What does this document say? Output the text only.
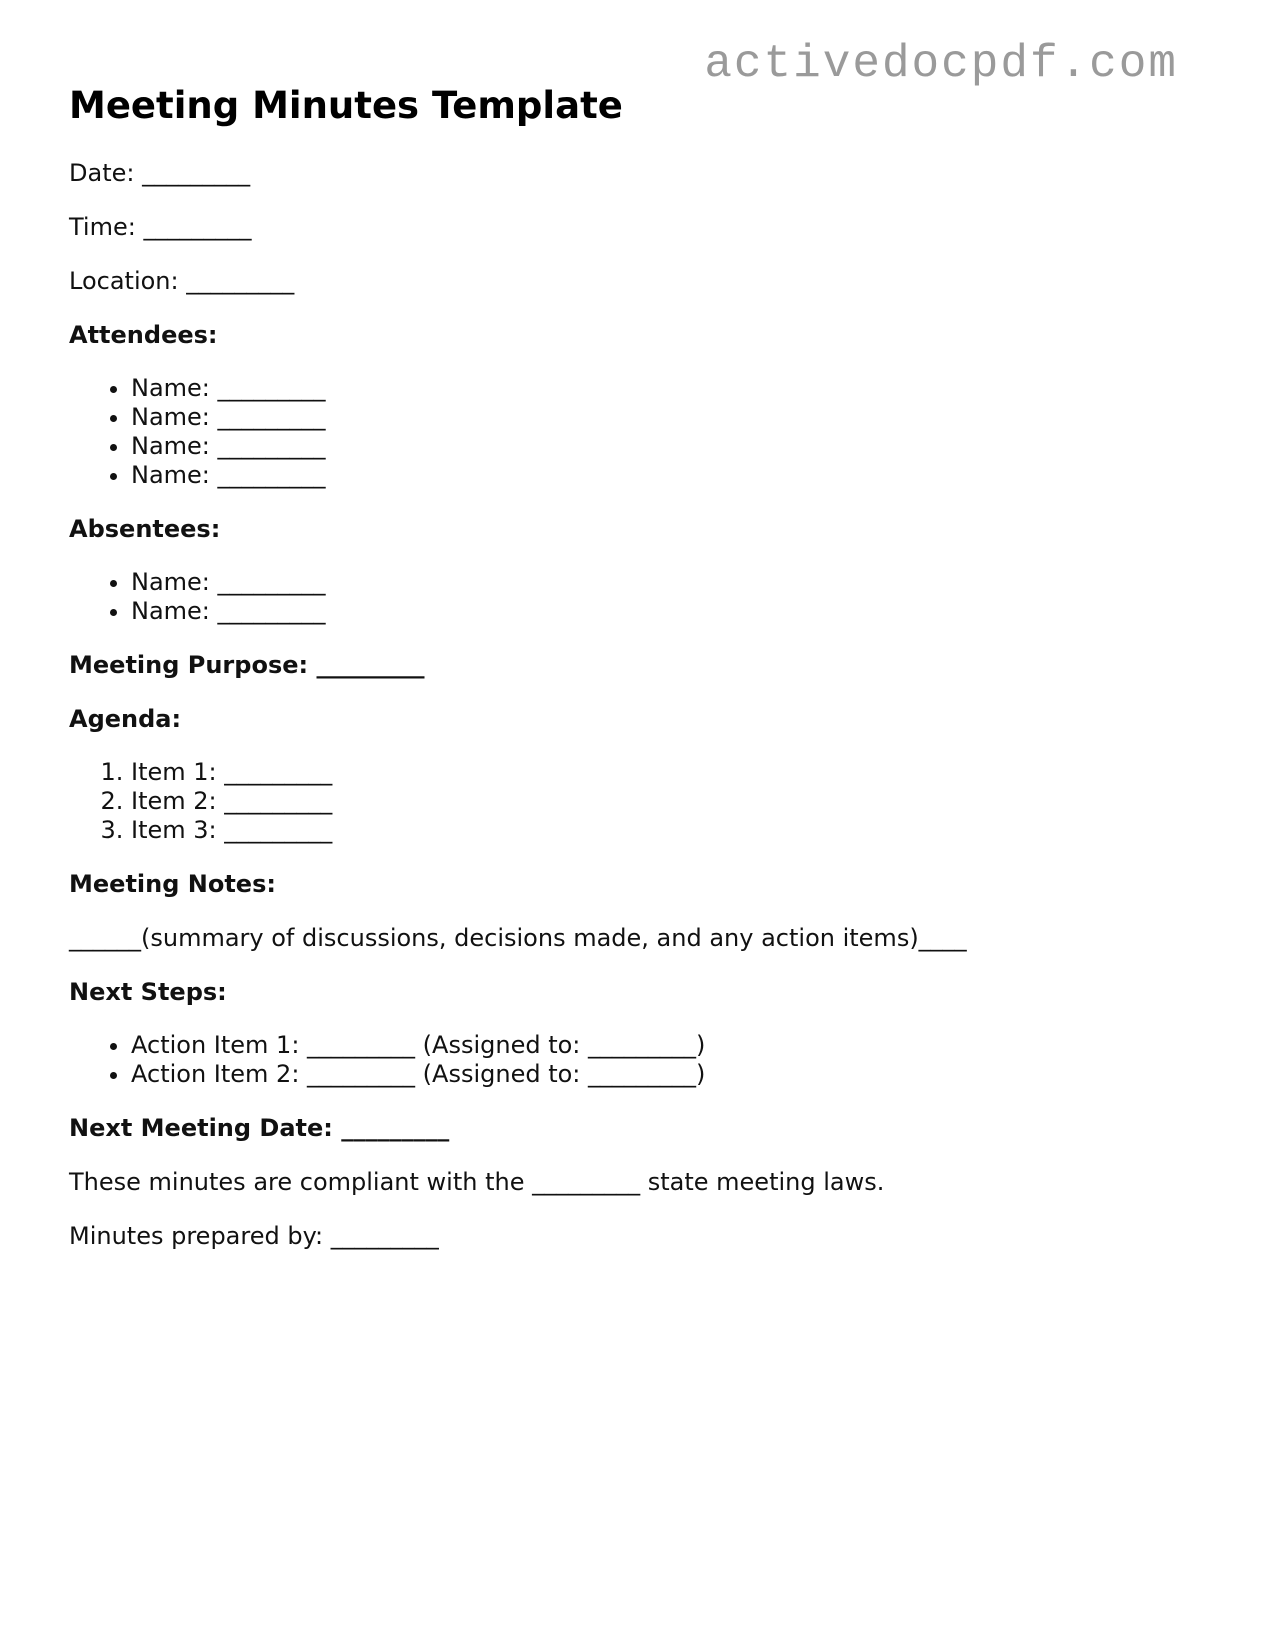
activedocpdf.com
Meeting Minutes Template

Date: _________

Time: _________

Location: _________

Attendees:

• Name: _________
• Name: _________
• Name: _________
• Name: _________

Absentees:

• Name: _________
• Name: _________

Meeting Purpose: _________

Agenda:

1. Item 1: _________
2. Item 2: _________
3. Item 3: _________

Meeting Notes:

______(summary of discussions, decisions made, and any action items)____

Next Steps:

• Action Item 1: _________ (Assigned to: _________)
• Action Item 2: _________ (Assigned to: _________)

Next Meeting Date: _________

These minutes are compliant with the _________ state meeting laws.

Minutes prepared by: _________
